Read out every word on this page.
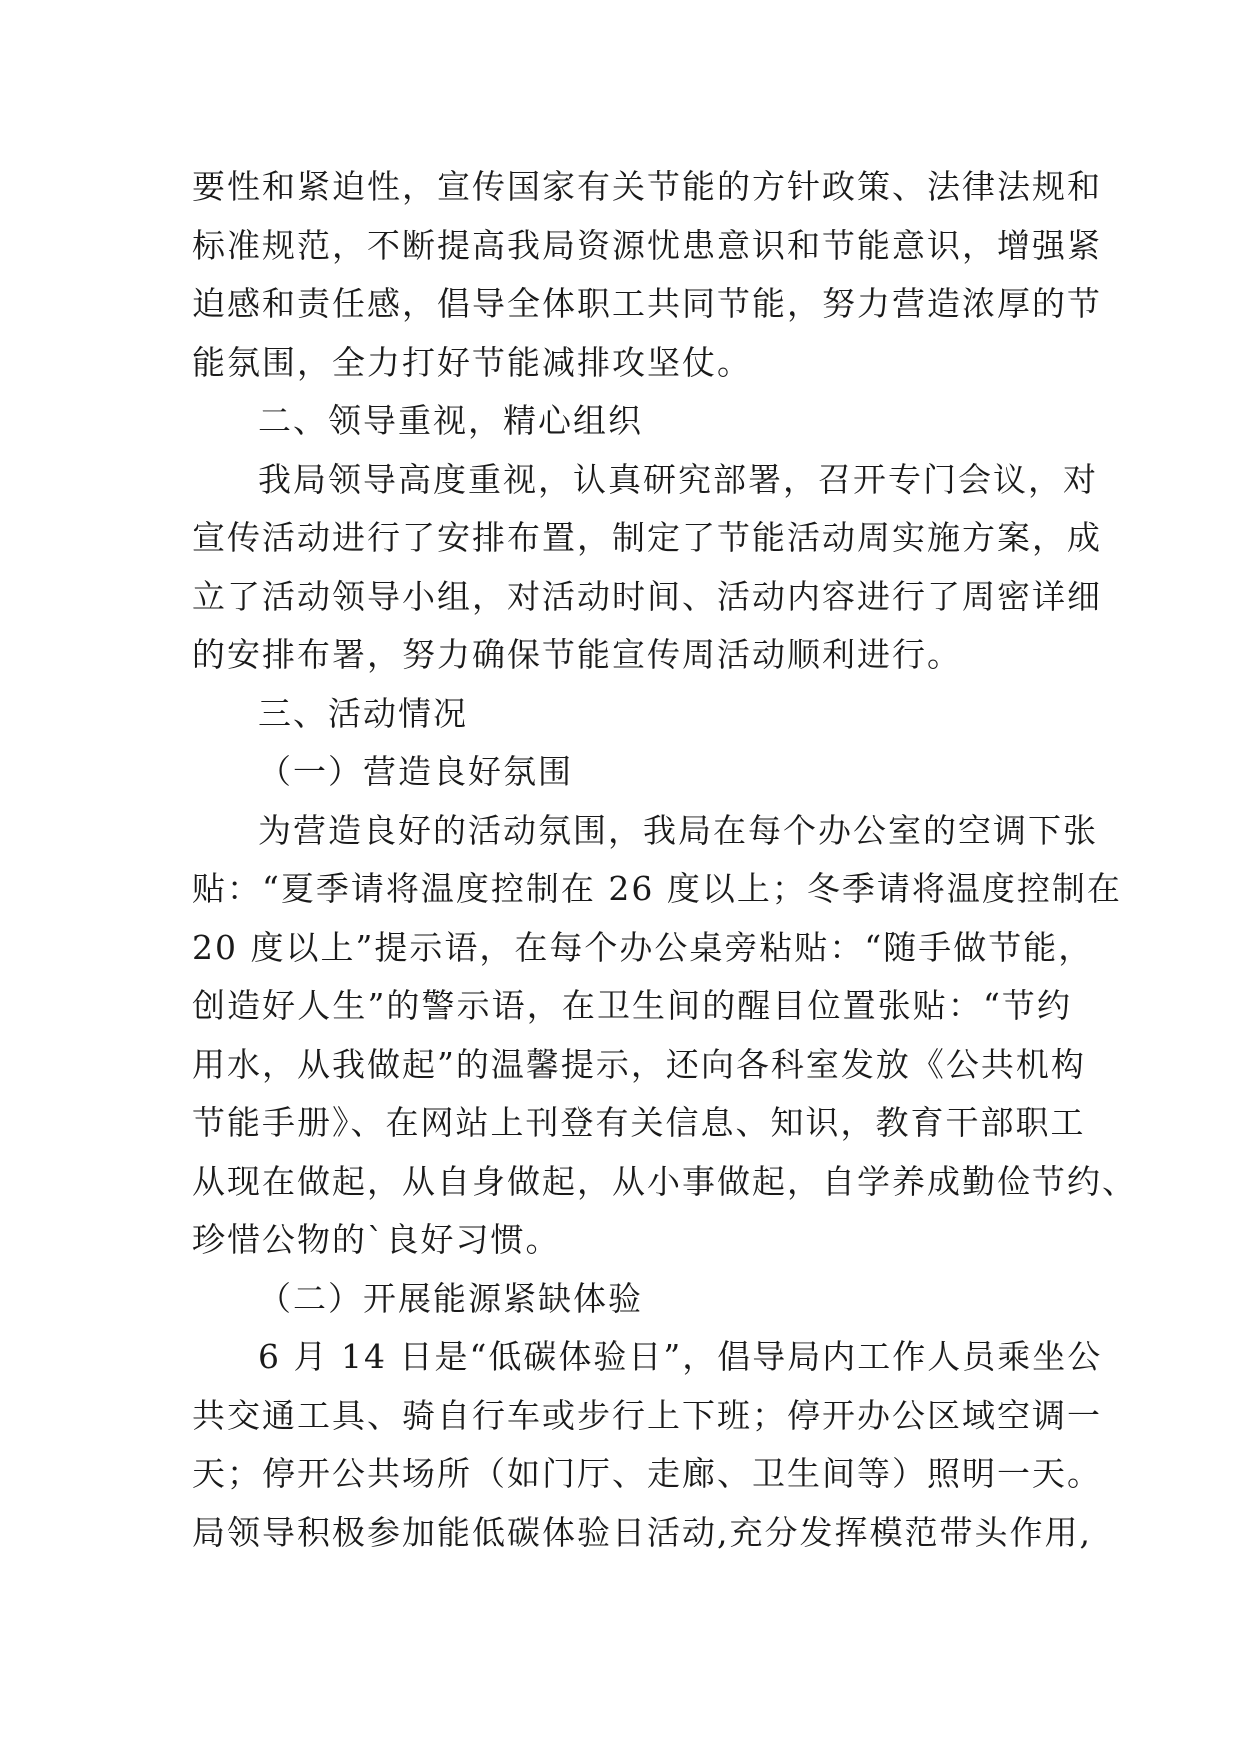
要性和紧迫性，宣传国家有关节能的方针政策、法律法规和
标准规范，不断提高我局资源忧患意识和节能意识，增强紧
迫感和责任感，倡导全体职工共同节能，努力营造浓厚的节
能氛围，全力打好节能减排攻坚仗。
二、领导重视，精心组织
我局领导高度重视，认真研究部署，召开专门会议，对
宣传活动进行了安排布置，制定了节能活动周实施方案，成
立了活动领导小组，对活动时间、活动内容进行了周密详细
的安排布署，努力确保节能宣传周活动顺利进行。
三、活动情况
（一）营造良好氛围
为营造良好的活动氛围，我局在每个办公室的空调下张
贴：“夏季请将温度控制在 26 度以上；冬季请将温度控制在
20 度以上”提示语，在每个办公桌旁粘贴：“随手做节能，
创造好人生”的警示语，在卫生间的醒目位置张贴：“节约
用水，从我做起”的温馨提示，还向各科室发放《公共机构
节能手册》、在网站上刊登有关信息、知识，教育干部职工
从现在做起，从自身做起，从小事做起，自学养成勤俭节约、
珍惜公物的`良好习惯。
（二）开展能源紧缺体验
6 月 14 日是“低碳体验日”，倡导局内工作人员乘坐公
共交通工具、骑自行车或步行上下班；停开办公区域空调一
天；停开公共场所（如门厅、走廊、卫生间等）照明一天。
局领导积极参加能低碳体验日活动,充分发挥模范带头作用,
